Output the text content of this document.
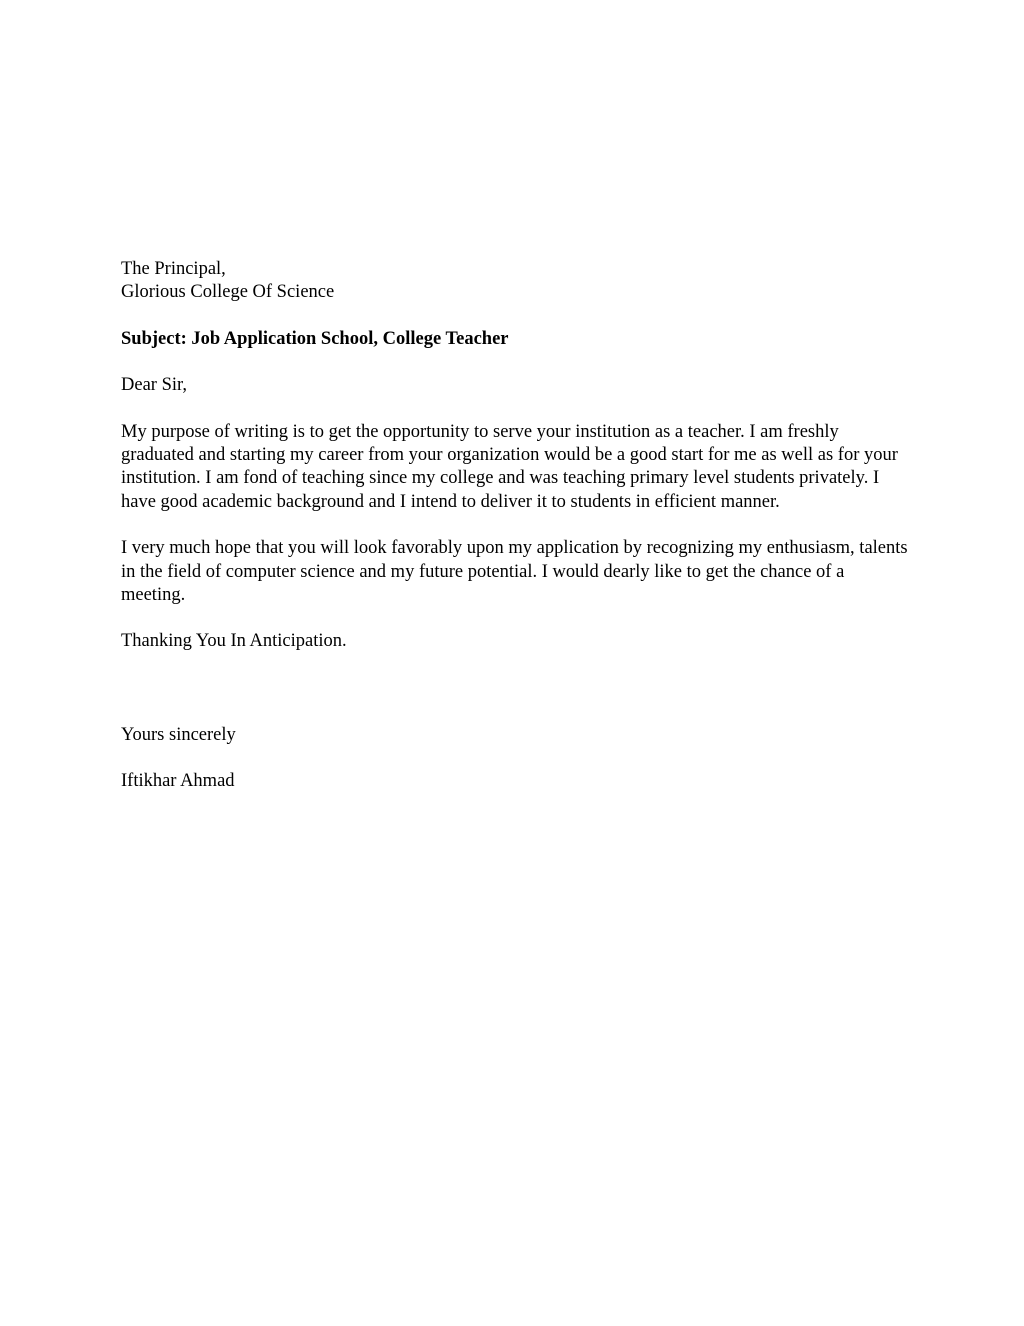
The Principal,
Glorious College Of Science

Subject: Job Application School, College Teacher

Dear Sir,

My purpose of writing is to get the opportunity to serve your institution as a teacher. I am freshly graduated and starting my career from your organization would be a good start for me as well as for your institution. I am fond of teaching since my college and was teaching primary level students privately. I have good academic background and I intend to deliver it to students in efficient manner.

I very much hope that you will look favorably upon my application by recognizing my enthusiasm, talents in the field of computer science and my future potential. I would dearly like to get the chance of a meeting.

Thanking You In Anticipation.

Yours sincerely

Iftikhar Ahmad
